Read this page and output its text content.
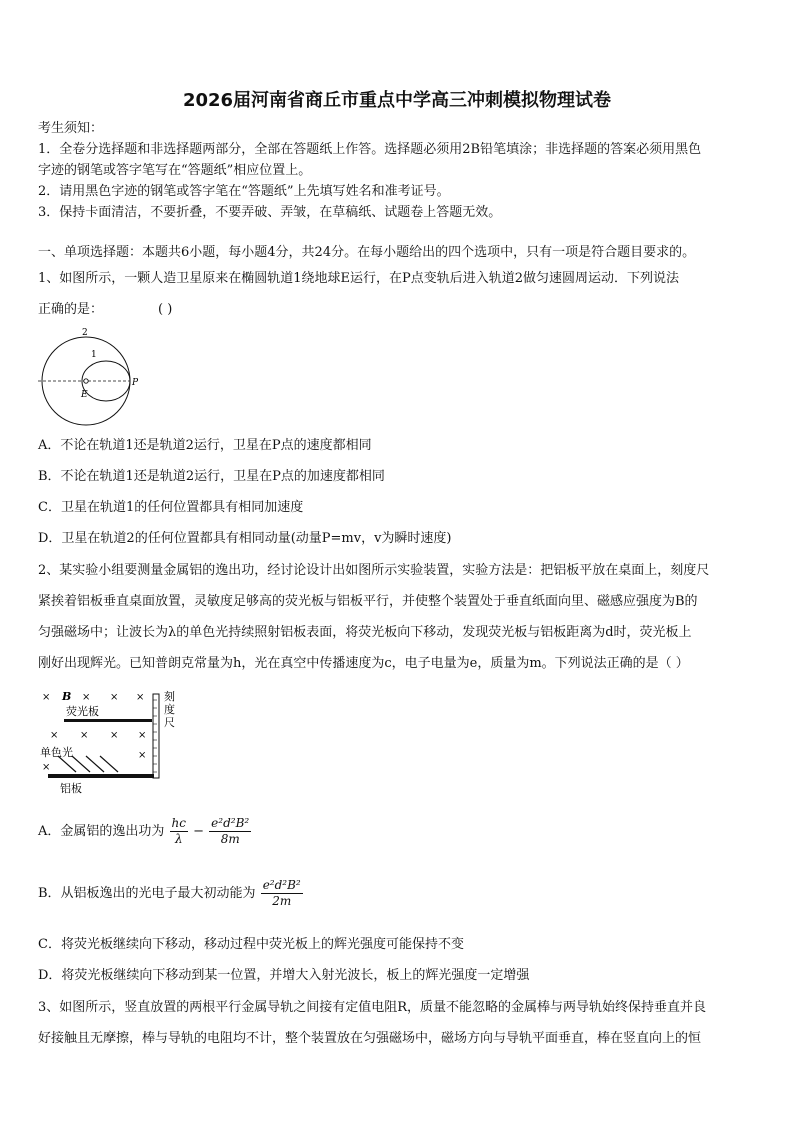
2026届河南省商丘市重点中学高三冲刺模拟物理试卷
考生须知：
1．全卷分选择题和非选择题两部分，全部在答题纸上作答。选择题必须用2B铅笔填涂；非选择题的答案必须用黑色
字迹的钢笔或答字笔写在“答题纸”相应位置上。
2．请用黑色字迹的钢笔或答字笔在“答题纸”上先填写姓名和准考证号。
3．保持卡面清洁，不要折叠，不要弄破、弄皱，在草稿纸、试题卷上答题无效。
一、单项选择题：本题共6小题，每小题4分，共24分。在每小题给出的四个选项中，只有一项是符合题目要求的。
1、如图所示，一颗人造卫星原来在椭圆轨道1绕地球E运行，在P点变轨后进入轨道2做匀速圆周运动．下列说法
正确的是：	( )
2
1
E
P
A．不论在轨道1还是轨道2运行，卫星在P点的速度都相同
B．不论在轨道1还是轨道2运行，卫星在P点的加速度都相同
C．卫星在轨道1的任何位置都具有相同加速度
D．卫星在轨道2的任何位置都具有相同动量(动量P=mv，v为瞬时速度)
2、某实验小组要测量金属铝的逸出功，经讨论设计出如图所示实验装置，实验方法是：把铝板平放在桌面上，刻度尺
紧挨着铝板垂直桌面放置，灵敏度足够高的荧光板与铝板平行，并使整个装置处于垂直纸面向里、磁感应强度为B的
匀强磁场中；让波长为λ的单色光持续照射铝板表面，将荧光板向下移动，发现荧光板与铝板距离为d时，荧光板上
刚好出现辉光。已知普朗克常量为h，光在真空中传播速度为c，电子电量为e，质量为m。下列说法正确的是（ ）
× B × × ×
荧光板
× × × ×
单色光
×
×
铝板
刻 度 尺
A．金属铝的逸出功为 $\frac{hc}{\lambda} - \frac{\text{e²d²B²}}{8m}$
B．从铝板逸出的光电子最大初动能为 $\frac{\text{e²d²B²}}{2m}$
C．将荧光板继续向下移动，移动过程中荧光板上的辉光强度可能保持不变
D．将荧光板继续向下移动到某一位置，并增大入射光波长，板上的辉光强度一定增强
3、如图所示，竖直放置的两根平行金属导轨之间接有定值电阻R，质量不能忽略的金属棒与两导轨始终保持垂直并良
好接触且无摩擦，棒与导轨的电阻均不计，整个装置放在匀强磁场中，磁场方向与导轨平面垂直，棒在竖直向上的恒
